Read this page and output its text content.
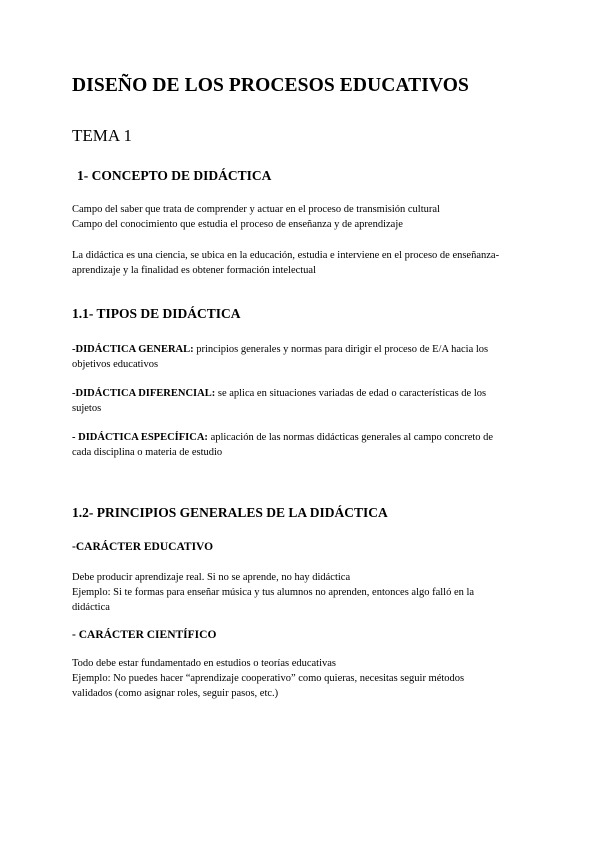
DISEÑO DE LOS PROCESOS EDUCATIVOS
TEMA 1
1- CONCEPTO DE DIDÁCTICA
Campo del saber que trata de comprender y actuar en el proceso de transmisión cultural
Campo del conocimiento que estudia el proceso de enseñanza y de aprendizaje
La didáctica es una ciencia, se ubica en la educación, estudia e interviene en el proceso de enseñanza-
aprendizaje y la finalidad es obtener formación intelectual
1.1- TIPOS DE DIDÁCTICA
-DIDÁCTICA GENERAL: principios generales y normas para dirigir el proceso de E/A hacia los
objetivos educativos
-DIDÁCTICA DIFERENCIAL: se aplica en situaciones variadas de edad o características de los
sujetos
- DIDÁCTICA ESPECÍFICA: aplicación de las normas didácticas generales al campo concreto de
cada disciplina o materia de estudio
1.2- PRINCIPIOS GENERALES DE LA DIDÁCTICA
-CARÁCTER EDUCATIVO
Debe producir aprendizaje real. Si no se aprende, no hay didáctica
Ejemplo: Si te formas para enseñar música y tus alumnos no aprenden, entonces algo falló en la
didáctica
- CARÁCTER CIENTÍFICO
Todo debe estar fundamentado en estudios o teorías educativas
Ejemplo: No puedes hacer “aprendizaje cooperativo” como quieras, necesitas seguir métodos
validados (como asignar roles, seguir pasos, etc.)
